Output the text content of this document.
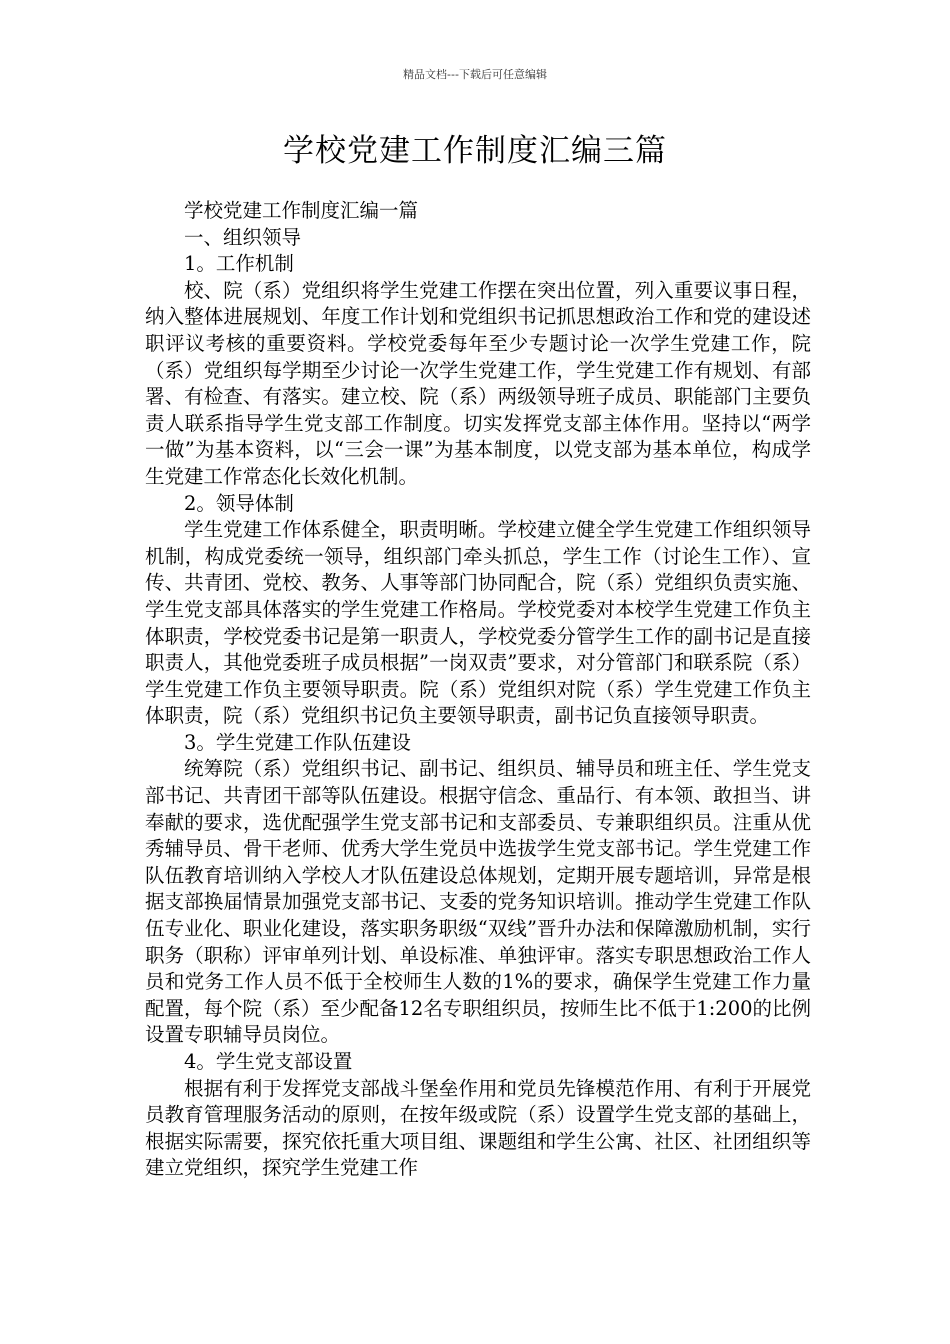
精品文档---下载后可任意编辑
学校党建工作制度汇编三篇

学校党建工作制度汇编一篇

一、组织领导

1。工作机制

校、院（系）党组织将学生党建工作摆在突出位置，列入重要议事日程，纳入整体进展规划、年度工作计划和党组织书记抓思想政治工作和党的建设述职评议考核的重要资料。学校党委每年至少专题讨论一次学生党建工作，院（系）党组织每学期至少讨论一次学生党建工作，学生党建工作有规划、有部署、有检查、有落实。建立校、院（系）两级领导班子成员、职能部门主要负责人联系指导学生党支部工作制度。切实发挥党支部主体作用。坚持以“两学一做”为基本资料，以“三会一课”为基本制度，以党支部为基本单位，构成学生党建工作常态化长效化机制。

2。领导体制

学生党建工作体系健全，职责明晰。学校建立健全学生党建工作组织领导机制，构成党委统一领导，组织部门牵头抓总，学生工作（讨论生工作）、宣传、共青团、党校、教务、人事等部门协同配合，院（系）党组织负责实施、学生党支部具体落实的学生党建工作格局。学校党委对本校学生党建工作负主体职责，学校党委书记是第一职责人，学校党委分管学生工作的副书记是直接职责人，其他党委班子成员根据”一岗双责”要求，对分管部门和联系院（系）学生党建工作负主要领导职责。院（系）党组织对院（系）学生党建工作负主体职责，院（系）党组织书记负主要领导职责，副书记负直接领导职责。

3。学生党建工作队伍建设

统筹院（系）党组织书记、副书记、组织员、辅导员和班主任、学生党支部书记、共青团干部等队伍建设。根据守信念、重品行、有本领、敢担当、讲奉献的要求，选优配强学生党支部书记和支部委员、专兼职组织员。注重从优秀辅导员、骨干老师、优秀大学生党员中选拔学生党支部书记。学生党建工作队伍教育培训纳入学校人才队伍建设总体规划，定期开展专题培训，异常是根据支部换届情景加强党支部书记、支委的党务知识培训。推动学生党建工作队伍专业化、职业化建设，落实职务职级“双线”晋升办法和保障激励机制，实行职务（职称）评审单列计划、单设标准、单独评审。落实专职思想政治工作人员和党务工作人员不低于全校师生人数的1%的要求，确保学生党建工作力量配置，每个院（系）至少配备12名专职组织员，按师生比不低于1:200的比例设置专职辅导员岗位。

4。学生党支部设置

根据有利于发挥党支部战斗堡垒作用和党员先锋模范作用、有利于开展党员教育管理服务活动的原则，在按年级或院（系）设置学生党支部的基础上，根据实际需要，探究依托重大项目组、课题组和学生公寓、社区、社团组织等建立党组织，探究学生党建工作
